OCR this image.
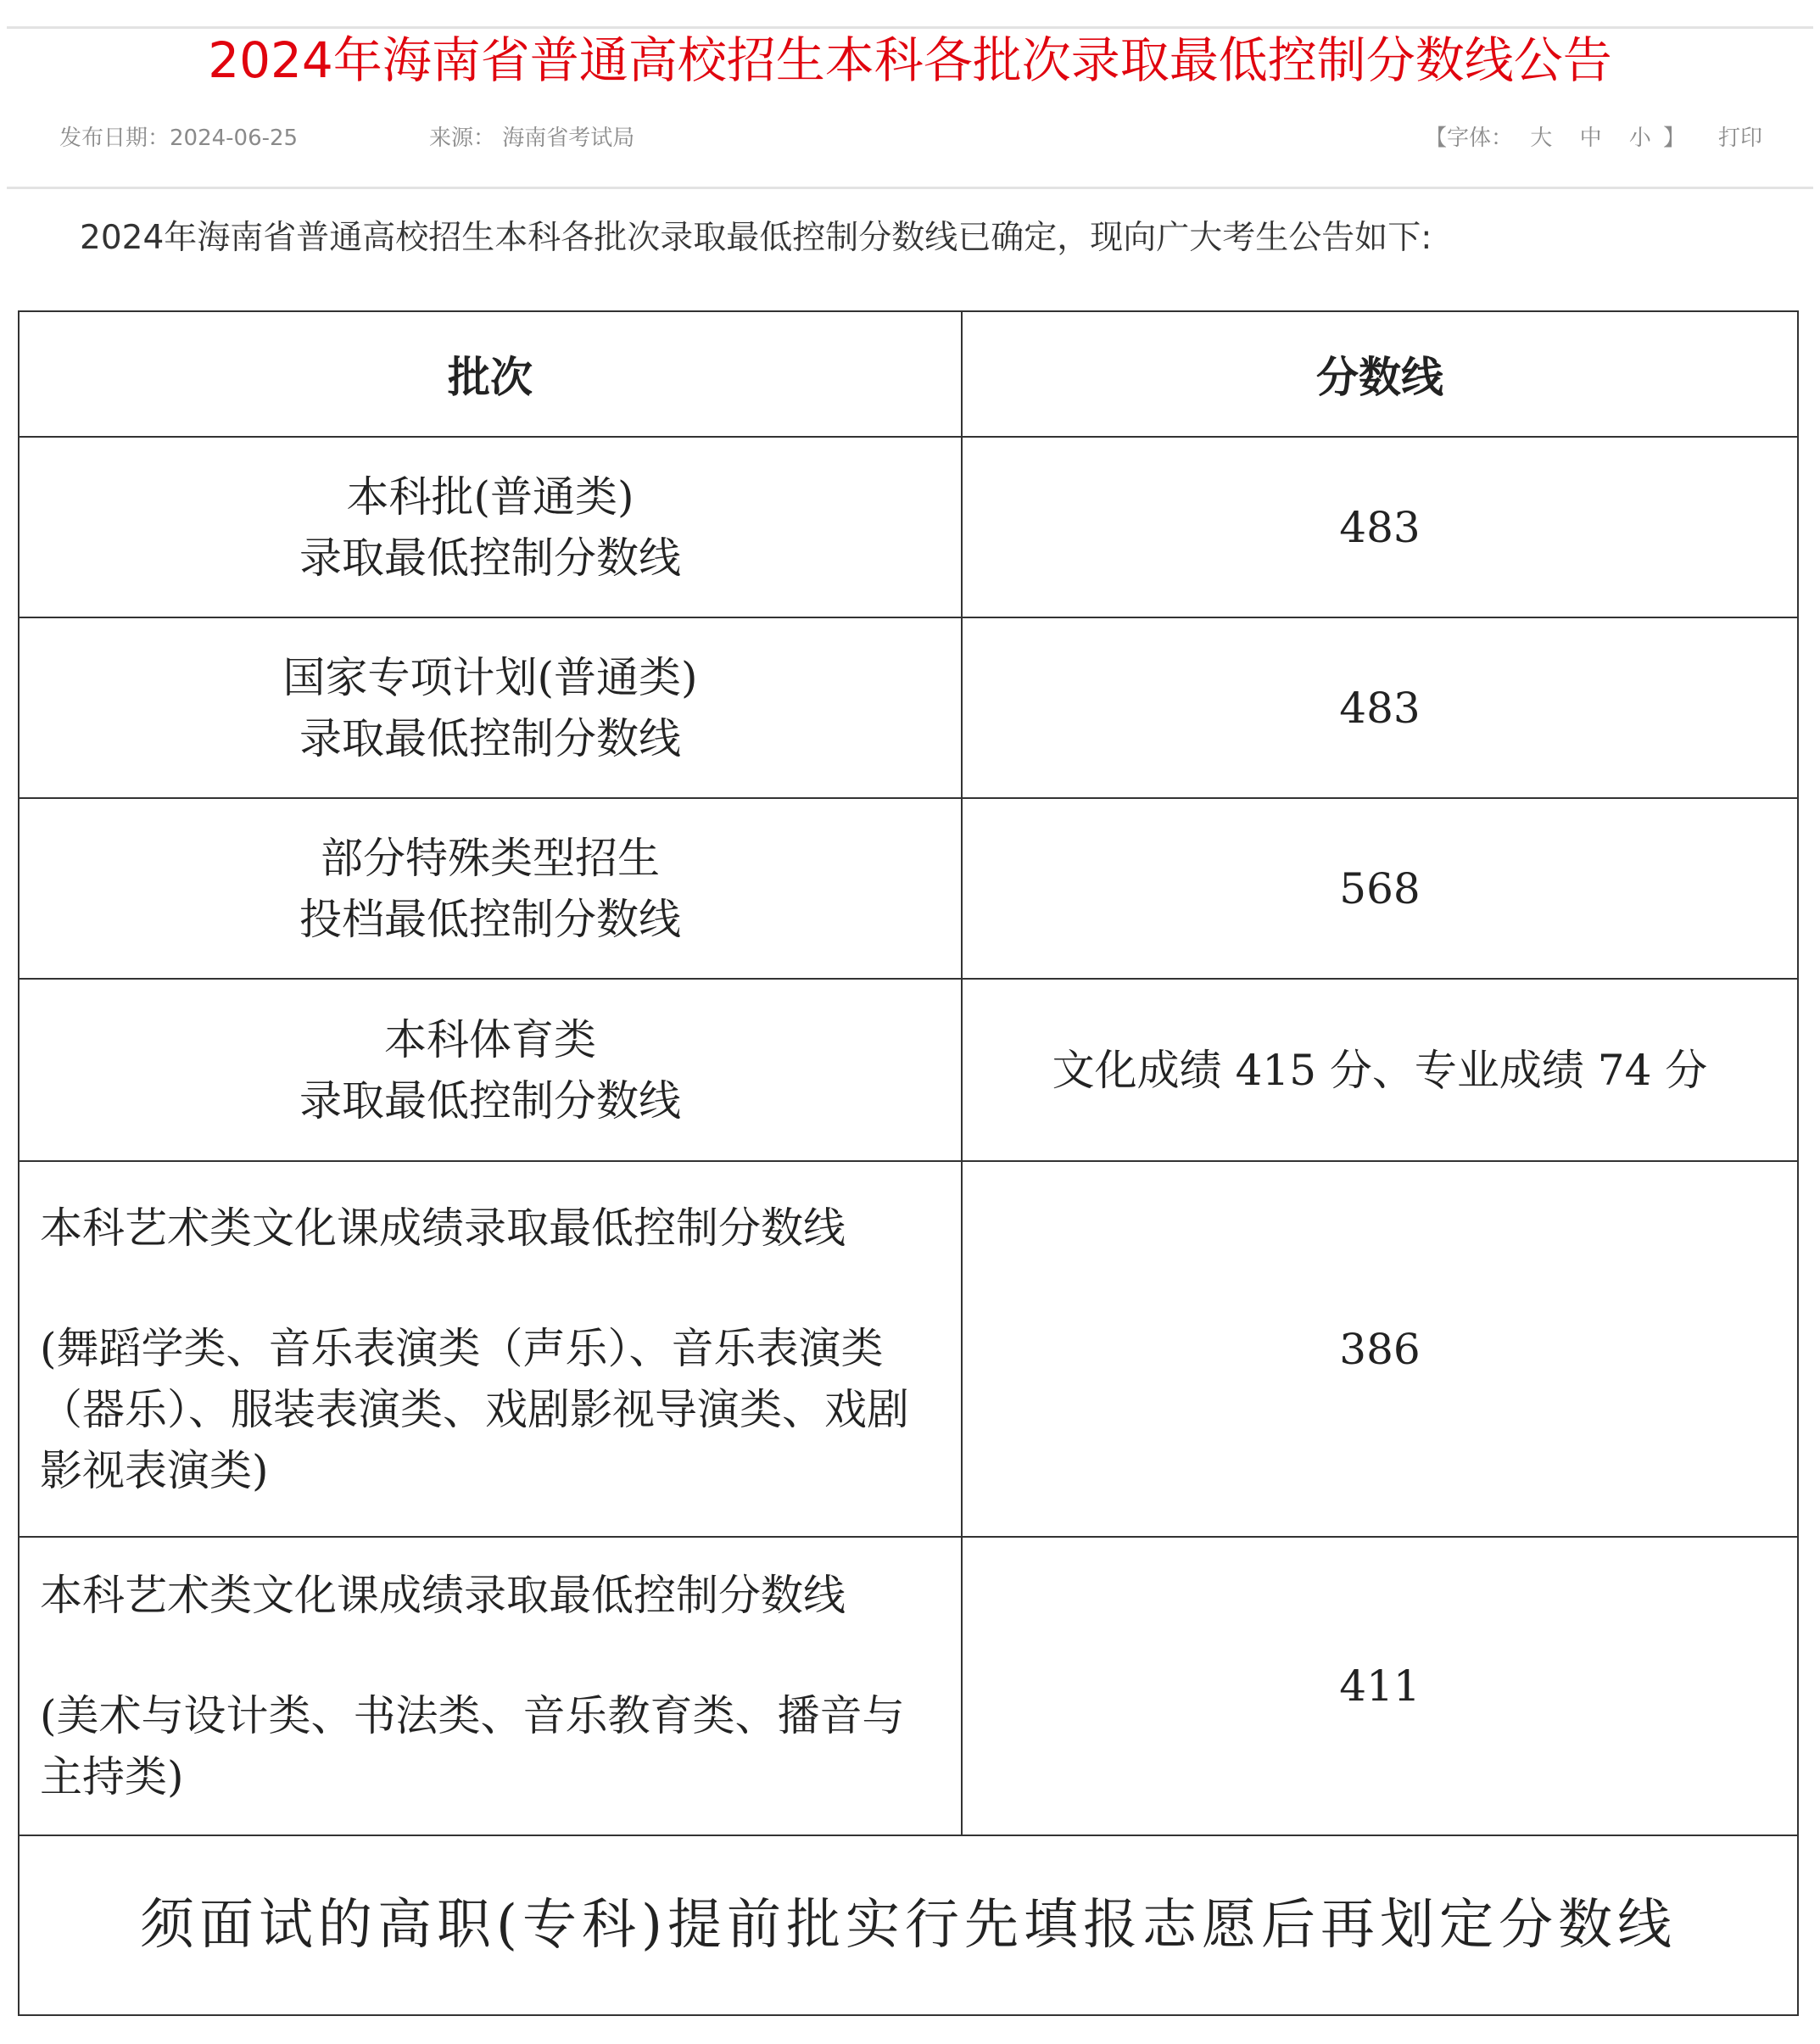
2024年海南省普通高校招生本科各批次录取最低控制分数线公告
发布日期：2024-06-25	来源： 海南省考试局	【字体： 大 中 小 】 打印
2024年海南省普通高校招生本科各批次录取最低控制分数线已确定，现向广大考生公告如下:
批次	分数线

本科批(普通类)
录取最低控制分数线	483

国家专项计划(普通类)
录取最低控制分数线	483

部分特殊类型招生
投档最低控制分数线	568

本科体育类
录取最低控制分数线	文化成绩 415 分、专业成绩 74 分

本科艺术类文化课成绩录取最低控制分数线
(舞蹈学类、音乐表演类（声乐）、音乐表演类（器乐）、服装表演类、戏剧影视导演类、戏剧影视表演类)	386

本科艺术类文化课成绩录取最低控制分数线
(美术与设计类、书法类、音乐教育类、播音与主持类)	411
须面试的高职(专科)提前批实行先填报志愿后再划定分数线	
